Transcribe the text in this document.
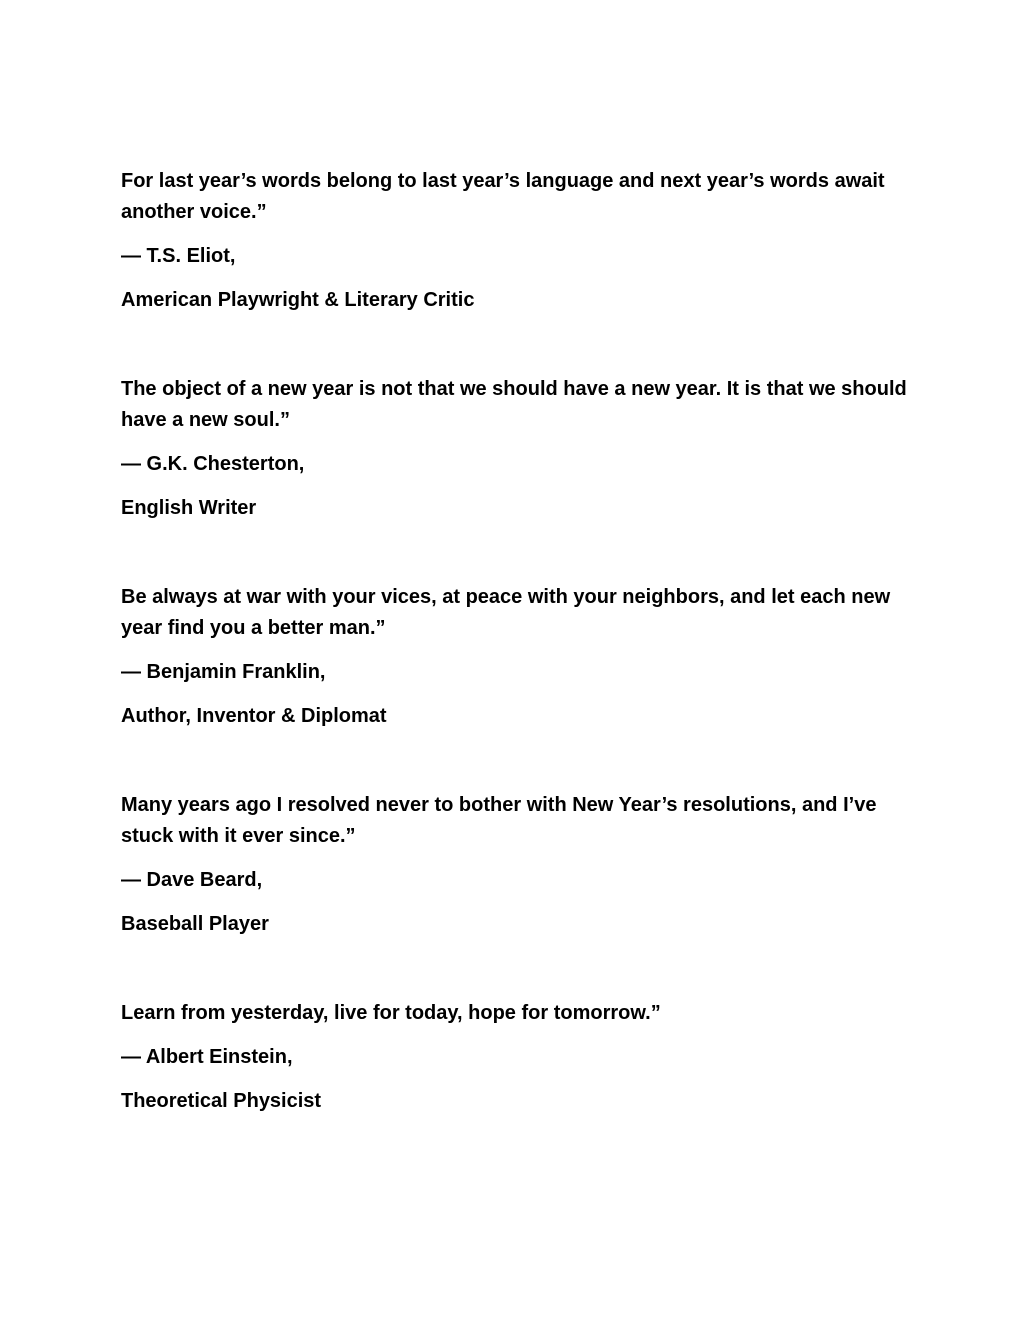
For last year’s words belong to last year’s language and next year’s words await another voice.”

— T.S. Eliot,

American Playwright & Literary Critic

The object of a new year is not that we should have a new year. It is that we should have a new soul.”

— G.K. Chesterton,

English Writer

Be always at war with your vices, at peace with your neighbors, and let each new year find you a better man.”

— Benjamin Franklin,

Author, Inventor & Diplomat

Many years ago I resolved never to bother with New Year’s resolutions, and I’ve stuck with it ever since.”

— Dave Beard,

Baseball Player

Learn from yesterday, live for today, hope for tomorrow.”

— Albert Einstein,

Theoretical Physicist
